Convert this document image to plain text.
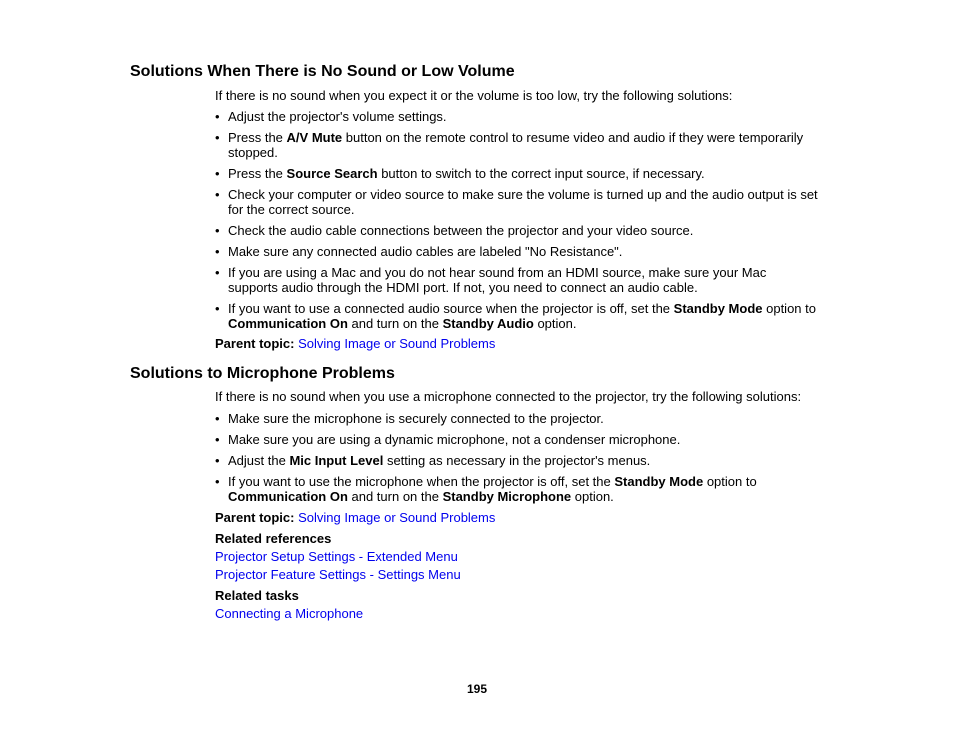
Solutions When There is No Sound or Low Volume
If there is no sound when you expect it or the volume is too low, try the following solutions:
• Adjust the projector's volume settings.
• Press the A/V Mute button on the remote control to resume video and audio if they were temporarily
stopped.
• Press the Source Search button to switch to the correct input source, if necessary.
• Check your computer or video source to make sure the volume is turned up and the audio output is set
for the correct source.
• Check the audio cable connections between the projector and your video source.
• Make sure any connected audio cables are labeled "No Resistance".
• If you are using a Mac and you do not hear sound from an HDMI source, make sure your Mac
supports audio through the HDMI port. If not, you need to connect an audio cable.
• If you want to use a connected audio source when the projector is off, set the Standby Mode option to
Communication On and turn on the Standby Audio option.
Parent topic: Solving Image or Sound Problems
Solutions to Microphone Problems
If there is no sound when you use a microphone connected to the projector, try the following solutions:
• Make sure the microphone is securely connected to the projector.
• Make sure you are using a dynamic microphone, not a condenser microphone.
• Adjust the Mic Input Level setting as necessary in the projector's menus.
• If you want to use the microphone when the projector is off, set the Standby Mode option to
Communication On and turn on the Standby Microphone option.
Parent topic: Solving Image or Sound Problems
Related references
Projector Setup Settings - Extended Menu
Projector Feature Settings - Settings Menu
Related tasks
Connecting a Microphone
195
